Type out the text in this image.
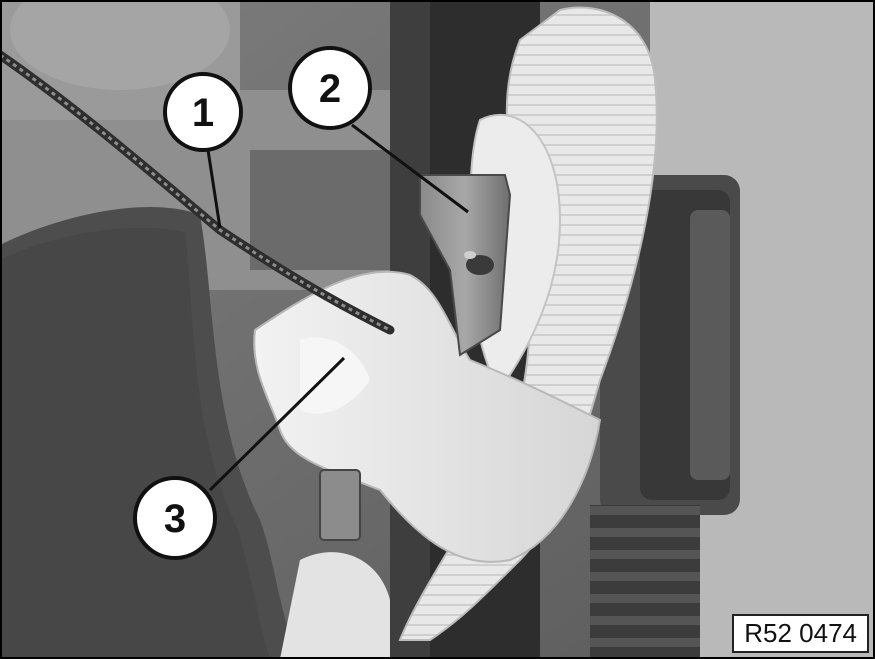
1
2
3
R52 0474
